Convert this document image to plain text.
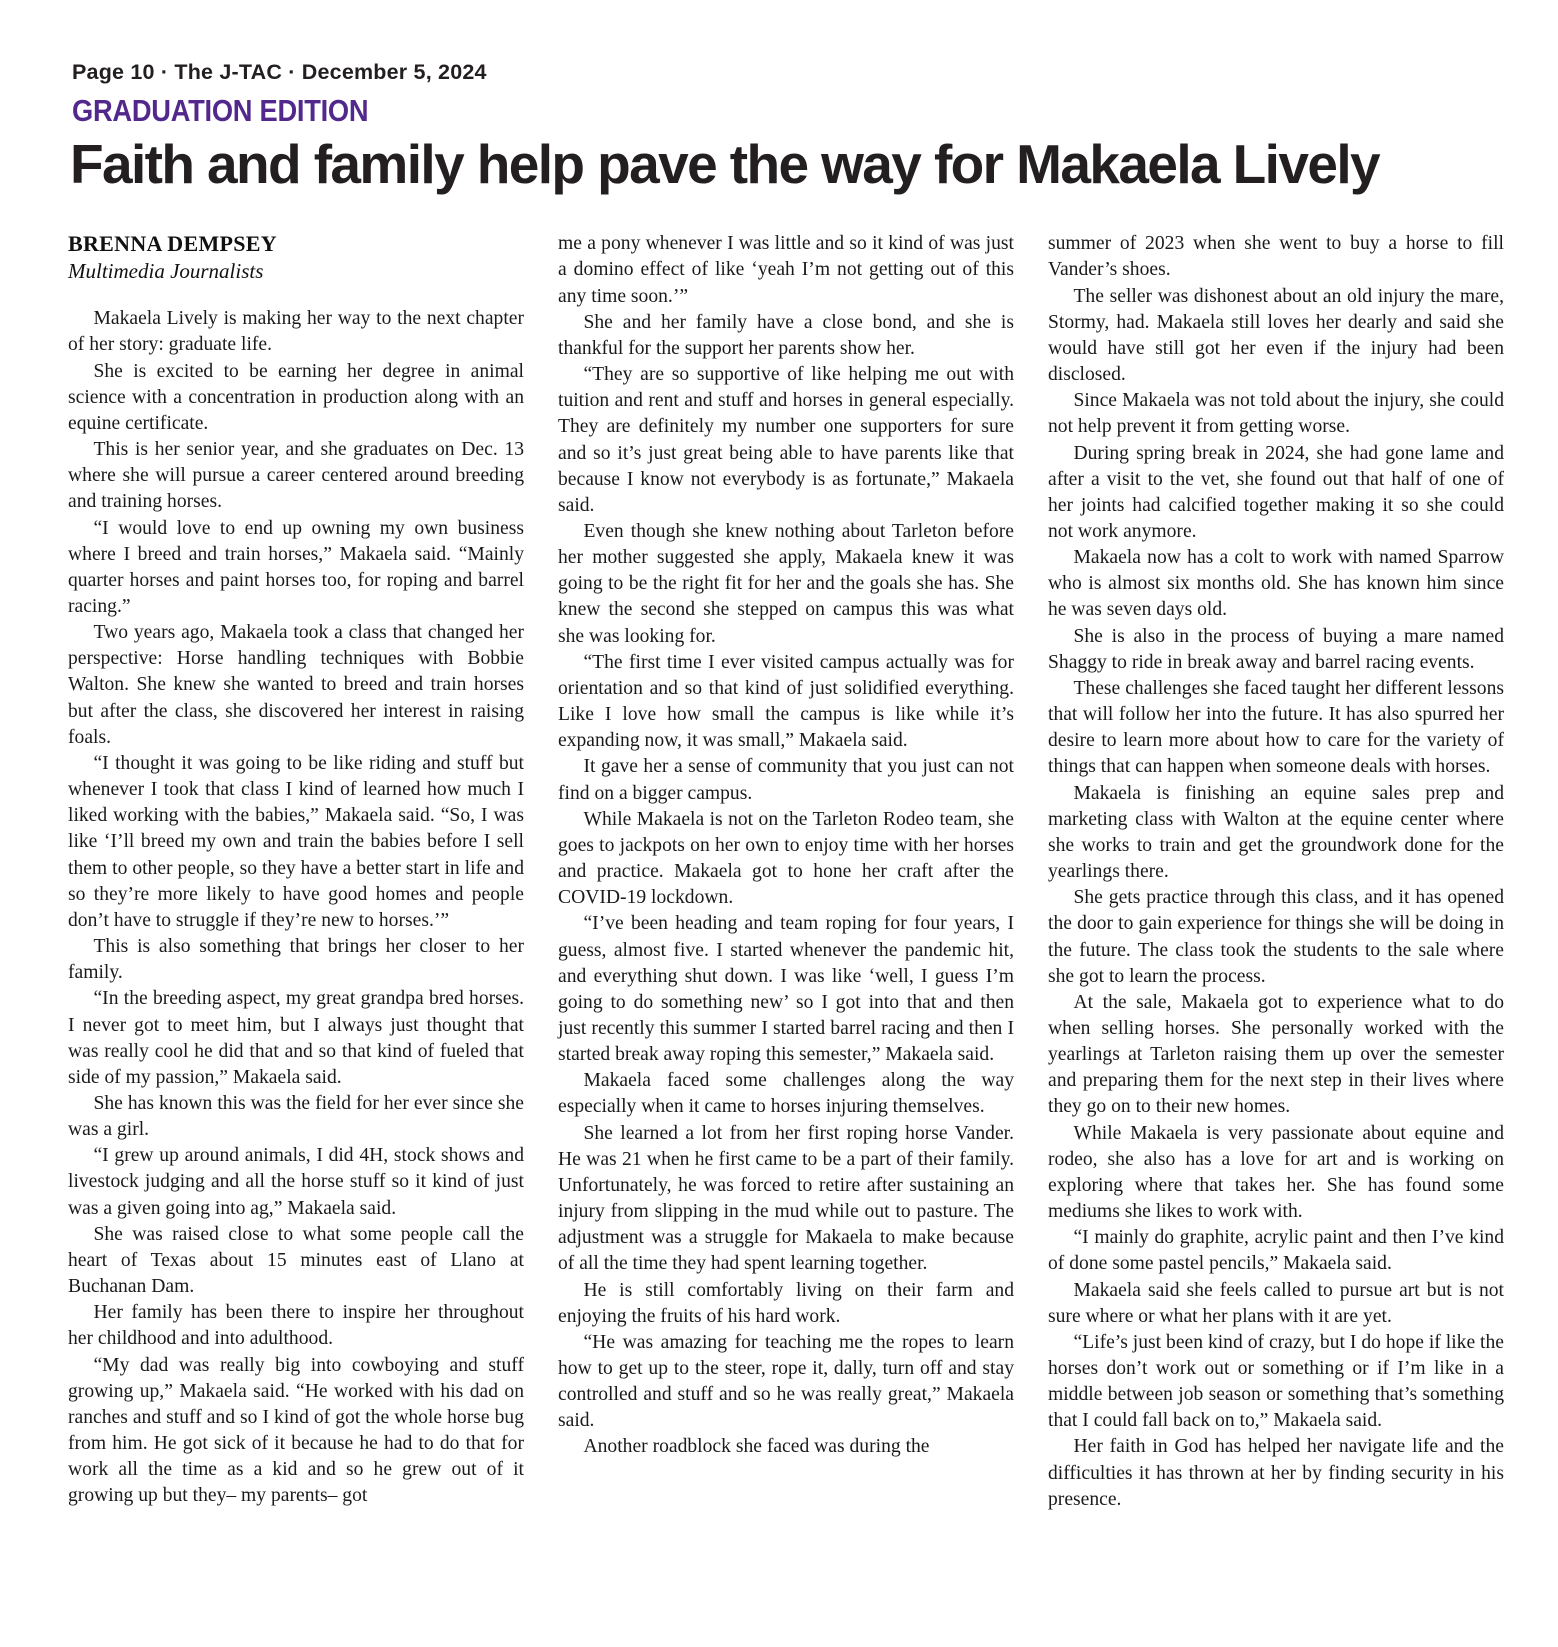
Page 10 · The J-TAC · December 5, 2024
GRADUATION EDITION
Faith and family help pave the way for Makaela Lively
BRENNA DEMPSEY
Multimedia Journalists

Makaela Lively is making her way to the next chapter of her story: graduate life.

She is excited to be earning her degree in animal science with a concentration in production along with an equine certificate.

This is her senior year, and she graduates on Dec. 13 where she will pursue a career centered around breeding and training horses.

“I would love to end up owning my own business where I breed and train horses,” Makaela said. “Mainly quarter horses and paint horses too, for roping and barrel racing.”

Two years ago, Makaela took a class that changed her perspective: Horse handling techniques with Bobbie Walton. She knew she wanted to breed and train horses but after the class, she discovered her interest in raising foals.

“I thought it was going to be like riding and stuff but whenever I took that class I kind of learned how much I liked working with the babies,” Makaela said. “So, I was like ‘I’ll breed my own and train the babies before I sell them to other people, so they have a better start in life and so they’re more likely to have good homes and people don’t have to struggle if they’re new to horses.’”

This is also something that brings her closer to her family.

“In the breeding aspect, my great grandpa bred horses. I never got to meet him, but I always just thought that was really cool he did that and so that kind of fueled that side of my passion,” Makaela said.

She has known this was the field for her ever since she was a girl.

“I grew up around animals, I did 4H, stock shows and livestock judging and all the horse stuff so it kind of just was a given going into ag,” Makaela said.

She was raised close to what some people call the heart of Texas about 15 minutes east of Llano at Buchanan Dam.

Her family has been there to inspire her throughout her childhood and into adulthood.

“My dad was really big into cowboying and stuff growing up,” Makaela said. “He worked with his dad on ranches and stuff and so I kind of got the whole horse bug from him. He got sick of it because he had to do that for work all the time as a kid and so he grew out of it growing up but they– my parents– got

me a pony whenever I was little and so it kind of was just a domino effect of like ‘yeah I’m not getting out of this any time soon.’”

She and her family have a close bond, and she is thankful for the support her parents show her.

“They are so supportive of like helping me out with tuition and rent and stuff and horses in general especially. They are definitely my number one supporters for sure and so it’s just great being able to have parents like that because I know not everybody is as fortunate,” Makaela said.

Even though she knew nothing about Tarleton before her mother suggested she apply, Makaela knew it was going to be the right fit for her and the goals she has. She knew the second she stepped on campus this was what she was looking for.

“The first time I ever visited campus actually was for orientation and so that kind of just solidified everything. Like I love how small the campus is like while it’s expanding now, it was small,” Makaela said.

It gave her a sense of community that you just can not find on a bigger campus.

While Makaela is not on the Tarleton Rodeo team, she goes to jackpots on her own to enjoy time with her horses and practice. Makaela got to hone her craft after the COVID-19 lockdown.

“I’ve been heading and team roping for four years, I guess, almost five. I started whenever the pandemic hit, and everything shut down. I was like ‘well, I guess I’m going to do something new’ so I got into that and then just recently this summer I started barrel racing and then I started break away roping this semester,” Makaela said.

Makaela faced some challenges along the way especially when it came to horses injuring themselves.

She learned a lot from her first roping horse Vander. He was 21 when he first came to be a part of their family. Unfortunately, he was forced to retire after sustaining an injury from slipping in the mud while out to pasture. The adjustment was a struggle for Makaela to make because of all the time they had spent learning together.

He is still comfortably living on their farm and enjoying the fruits of his hard work.

“He was amazing for teaching me the ropes to learn how to get up to the steer, rope it, dally, turn off and stay controlled and stuff and so he was really great,” Makaela said.

Another roadblock she faced was during the

summer of 2023 when she went to buy a horse to fill Vander’s shoes.

The seller was dishonest about an old injury the mare, Stormy, had. Makaela still loves her dearly and said she would have still got her even if the injury had been disclosed.

Since Makaela was not told about the injury, she could not help prevent it from getting worse.

During spring break in 2024, she had gone lame and after a visit to the vet, she found out that half of one of her joints had calcified together making it so she could not work anymore.

Makaela now has a colt to work with named Sparrow who is almost six months old. She has known him since he was seven days old.

She is also in the process of buying a mare named Shaggy to ride in break away and barrel racing events.

These challenges she faced taught her different lessons that will follow her into the future. It has also spurred her desire to learn more about how to care for the variety of things that can happen when someone deals with horses.

Makaela is finishing an equine sales prep and marketing class with Walton at the equine center where she works to train and get the groundwork done for the yearlings there.

She gets practice through this class, and it has opened the door to gain experience for things she will be doing in the future. The class took the students to the sale where she got to learn the process.

At the sale, Makaela got to experience what to do when selling horses. She personally worked with the yearlings at Tarleton raising them up over the semester and preparing them for the next step in their lives where they go on to their new homes.

While Makaela is very passionate about equine and rodeo, she also has a love for art and is working on exploring where that takes her. She has found some mediums she likes to work with.

“I mainly do graphite, acrylic paint and then I’ve kind of done some pastel pencils,” Makaela said.

Makaela said she feels called to pursue art but is not sure where or what her plans with it are yet.

“Life’s just been kind of crazy, but I do hope if like the horses don’t work out or something or if I’m like in a middle between job season or something that’s something that I could fall back on to,” Makaela said.

Her faith in God has helped her navigate life and the difficulties it has thrown at her by finding security in his presence.
